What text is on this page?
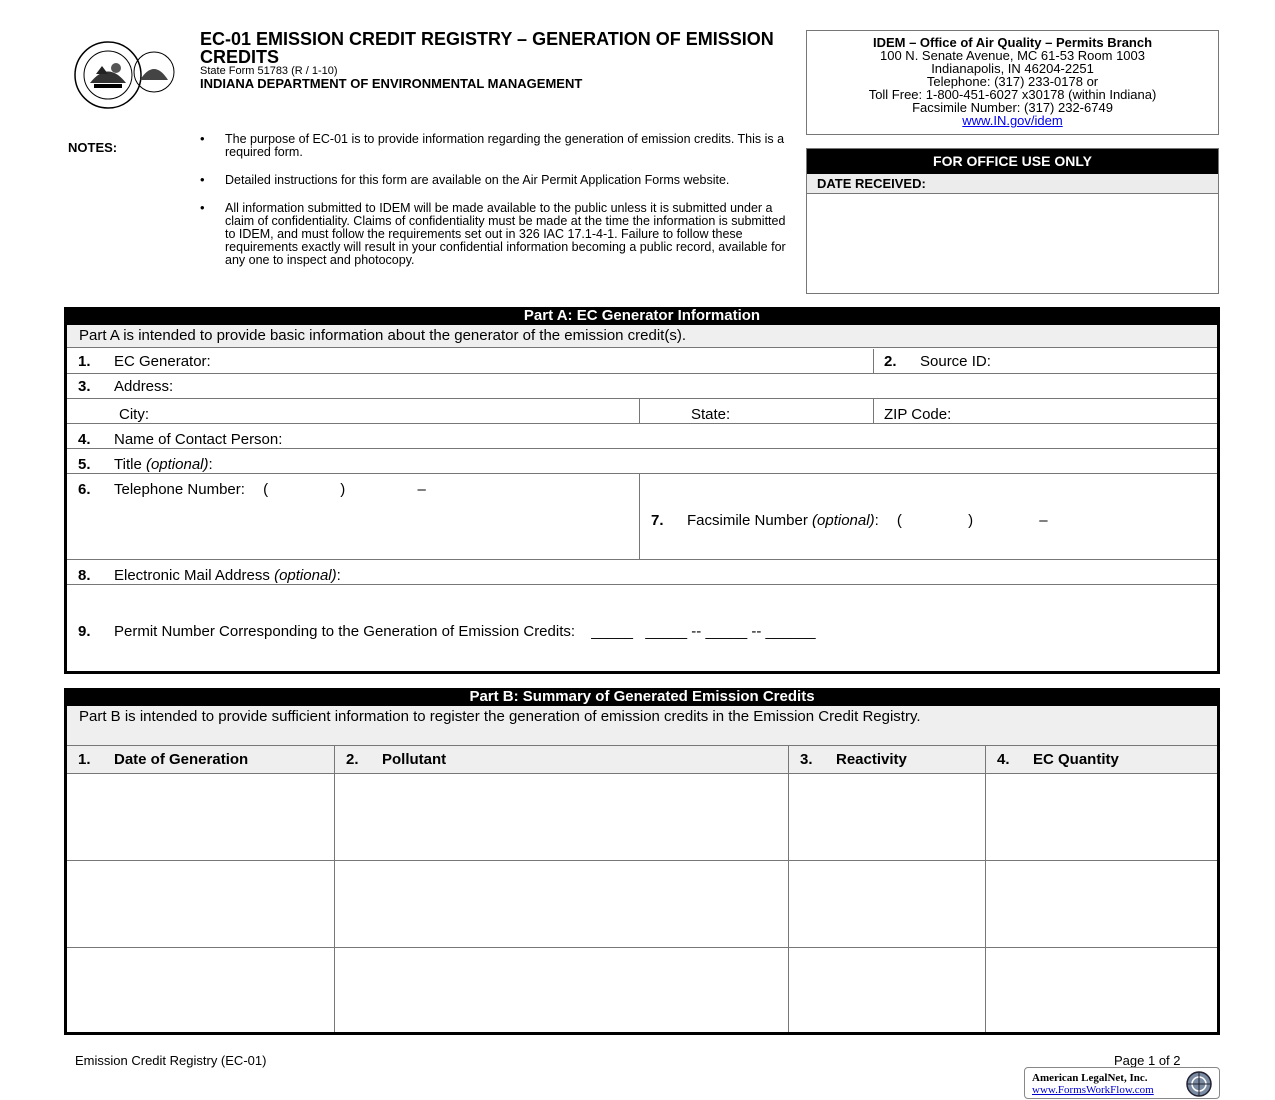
EC-01 EMISSION CREDIT REGISTRY – GENERATION OF EMISSION CREDITS
State Form 51783 (R / 1-10)
INDIANA DEPARTMENT OF ENVIRONMENTAL MANAGEMENT
IDEM – Office of Air Quality – Permits Branch
100 N. Senate Avenue, MC 61-53 Room 1003
Indianapolis, IN 46204-2251
Telephone: (317) 233-0178 or
Toll Free: 1-800-451-6027 x30178 (within Indiana)
Facsimile Number: (317) 232-6749
www.IN.gov/idem
FOR OFFICE USE ONLY
DATE RECEIVED:
NOTES:
• The purpose of EC-01 is to provide information regarding the generation of emission credits. This is a required form.
• Detailed instructions for this form are available on the Air Permit Application Forms website.
• All information submitted to IDEM will be made available to the public unless it is submitted under a claim of confidentiality. Claims of confidentiality must be made at the time the information is submitted to IDEM, and must follow the requirements set out in 326 IAC 17.1-4-1. Failure to follow these requirements exactly will result in your confidential information becoming a public record, available for any one to inspect and photocopy.
Part A: EC Generator Information
Part A is intended to provide basic information about the generator of the emission credit(s).
1. EC Generator:	2. Source ID:
3. Address:
City:	State:	ZIP Code:
4. Name of Contact Person:
5. Title (optional):
6. Telephone Number: (	)	–
7. Facsimile Number (optional): (	)	–
8. Electronic Mail Address (optional):
9. Permit Number Corresponding to the Generation of Emission Credits: _____   _____ -- _____ -- ______
Part B: Summary of Generated Emission Credits
Part B is intended to provide sufficient information to register the generation of emission credits in the Emission Credit Registry.
1. Date of Generation	2. Pollutant	3. Reactivity	4. EC Quantity
Emission Credit Registry (EC-01)	Page 1 of 2
American LegalNet, Inc.
www.FormsWorkFlow.com
